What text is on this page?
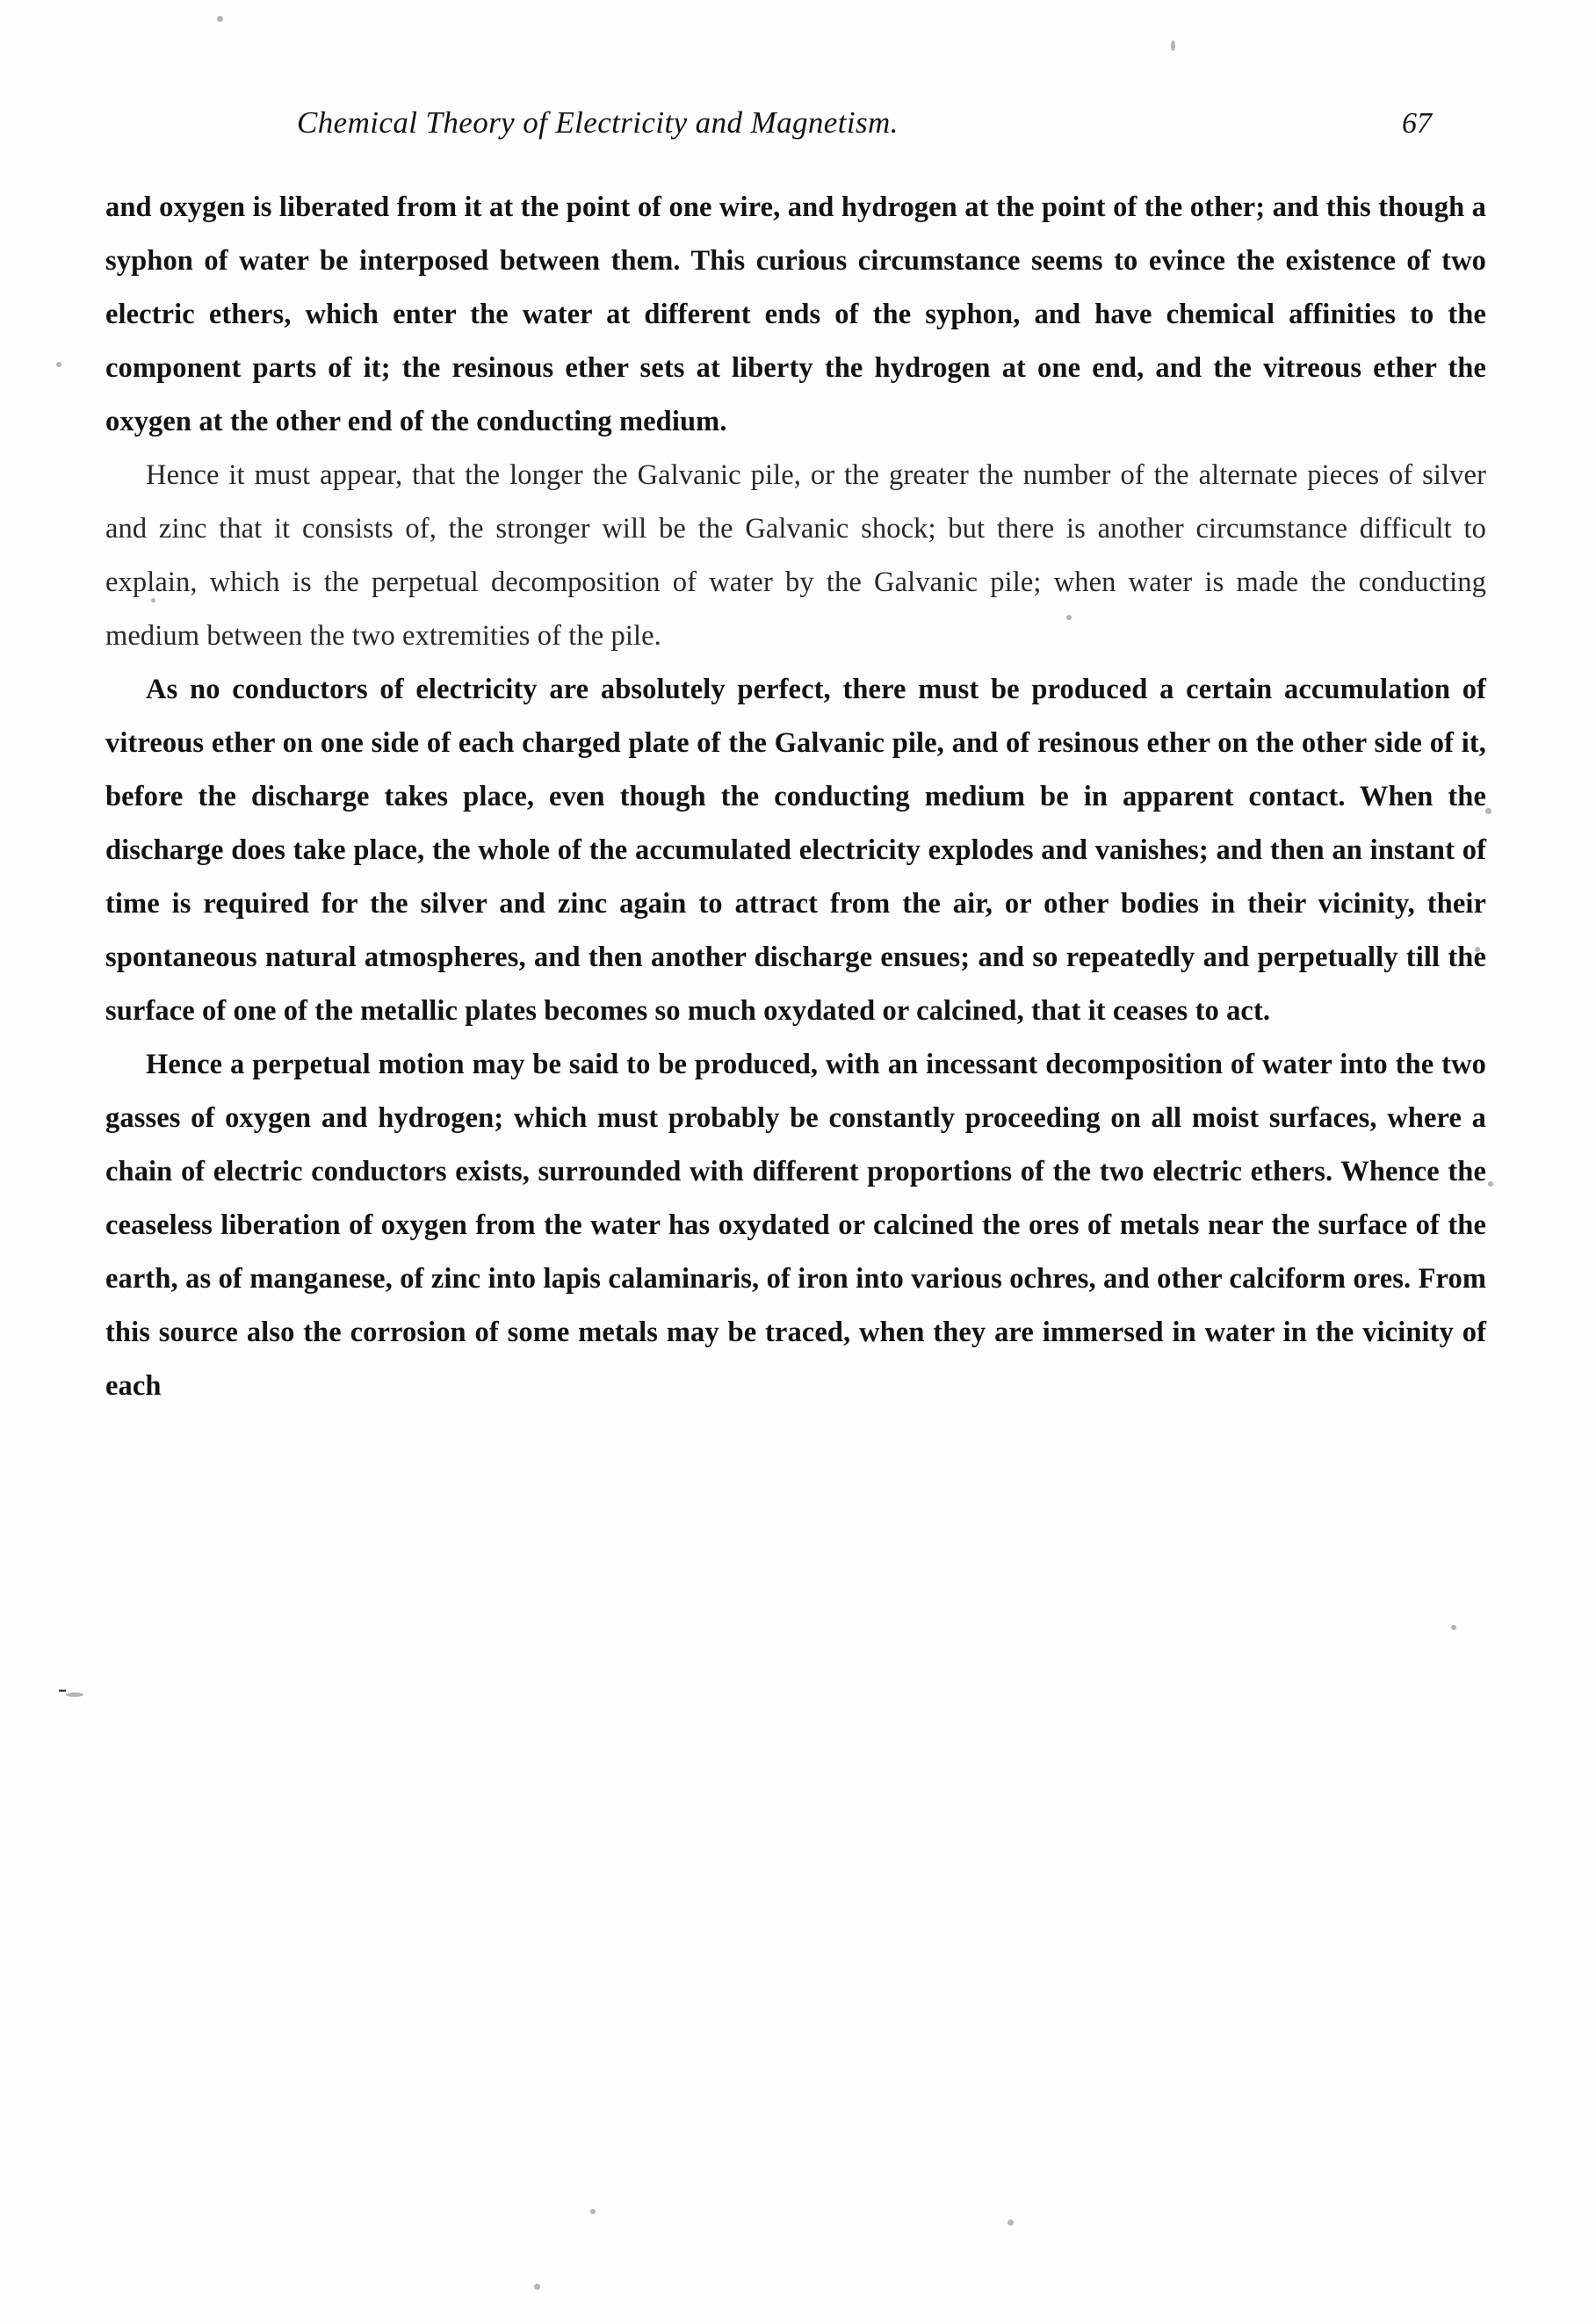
Chemical Theory of Electricity and Magnetism.	67

and oxygen is liberated from it at the point of one wire, and hydrogen at the point of the other; and this though a syphon of water be interposed between them. This curious circumstance seems to evince the existence of two electric ethers, which enter the water at different ends of the syphon, and have chemical affinities to the component parts of it; the resinous ether sets at liberty the hydrogen at one end, and the vitreous ether the oxygen at the other end of the conducting medium.

Hence it must appear, that the longer the Galvanic pile, or the greater the number of the alternate pieces of silver and zinc that it consists of, the stronger will be the Galvanic shock; but there is another circumstance difficult to explain, which is the perpetual decomposition of water by the Galvanic pile; when water is made the conducting medium between the two extremities of the pile.

As no conductors of electricity are absolutely perfect, there must be produced a certain accumulation of vitreous ether on one side of each charged plate of the Galvanic pile, and of resinous ether on the other side of it, before the discharge takes place, even though the conducting medium be in apparent contact. When the discharge does take place, the whole of the accumulated electricity explodes and vanishes; and then an instant of time is required for the silver and zinc again to attract from the air, or other bodies in their vicinity, their spontaneous natural atmospheres, and then another discharge ensues; and so repeatedly and perpetually till the surface of one of the metallic plates becomes so much oxydated or calcined, that it ceases to act.

Hence a perpetual motion may be said to be produced, with an incessant decomposition of water into the two gasses of oxygen and hydrogen; which must probably be constantly proceeding on all moist surfaces, where a chain of electric conductors exists, surrounded with different proportions of the two electric ethers. Whence the ceaseless liberation of oxygen from the water has oxydated or calcined the ores of metals near the surface of the earth, as of manganese, of zinc into lapis calaminaris, of iron into various ochres, and other calciform ores. From this source also the corrosion of some metals may be traced, when they are immersed in water in the vicinity of each

-
